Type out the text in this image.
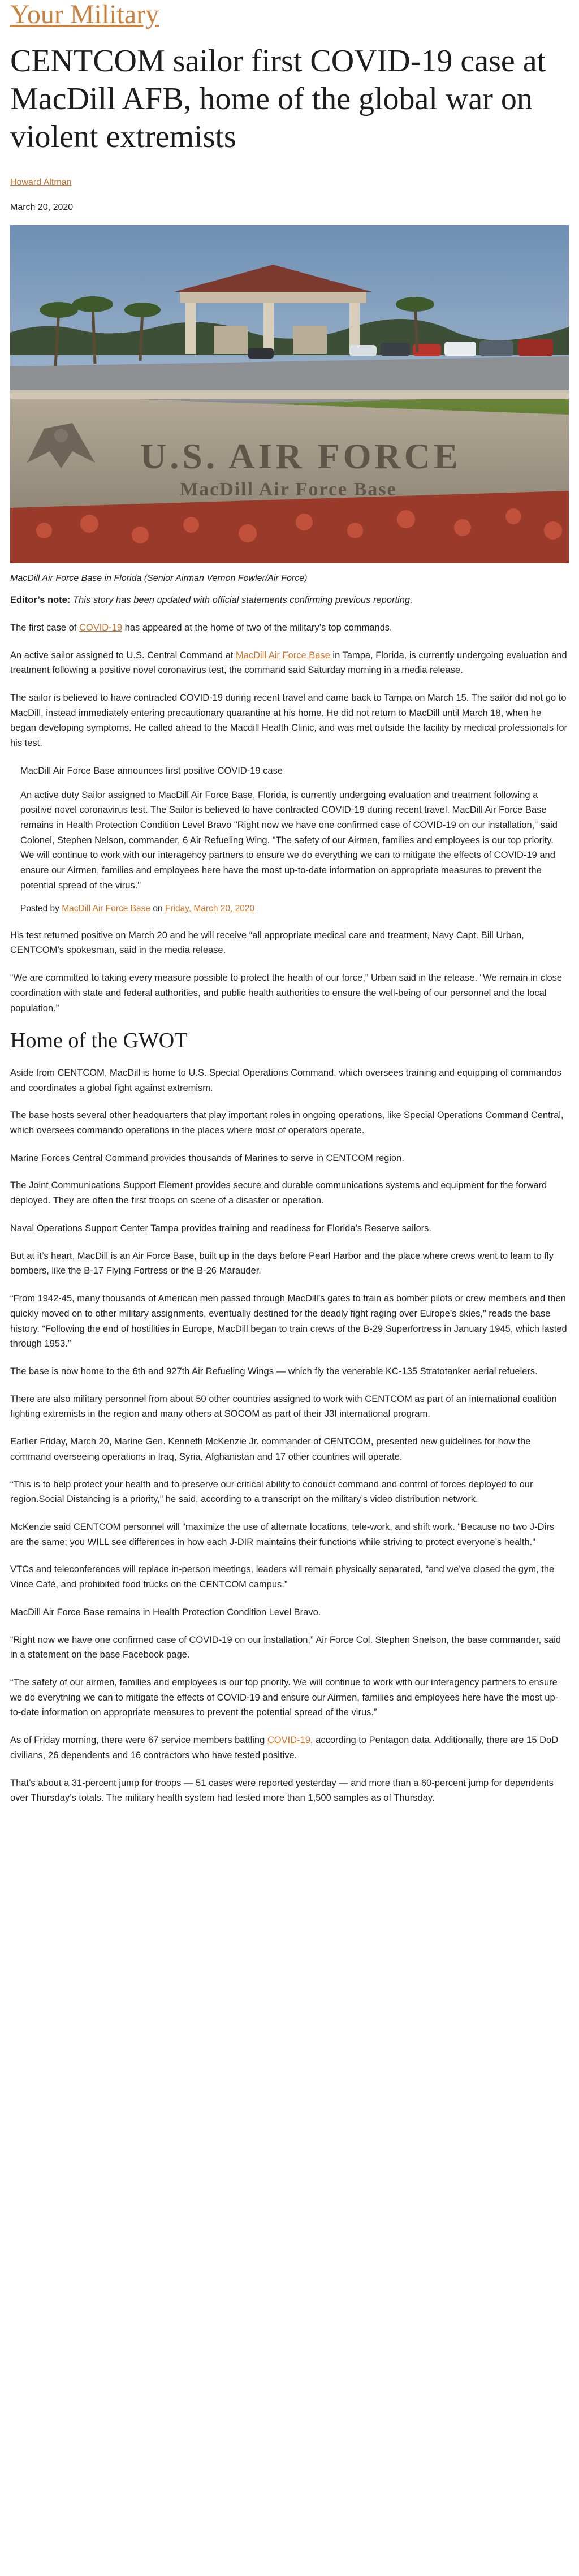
Your Military
CENTCOM sailor first COVID-19 case at MacDill AFB, home of the global war on violent extremists
Howard Altman
March 20, 2020
U.S. AIR FORCE
MacDill Air Force Base
MacDill Air Force Base in Florida (Senior Airman Vernon Fowler/Air Force)

Editor’s note: This story has been updated with official statements confirming previous reporting.

The first case of COVID-19 has appeared at the home of two of the military’s top commands.

An active sailor assigned to U.S. Central Command at MacDill Air Force Base in Tampa, Florida, is currently undergoing evaluation and treatment following a positive novel coronavirus test, the command said Saturday morning in a media release.

The sailor is believed to have contracted COVID-19 during recent travel and came back to Tampa on March 15. The sailor did not go to MacDill, instead immediately entering precautionary quarantine at his home. He did not return to MacDill until March 18, when he began developing symptoms. He called ahead to the Macdill Health Clinic, and was met outside the facility by medical professionals for his test.

MacDill Air Force Base announces first positive COVID-19 case

An active duty Sailor assigned to MacDill Air Force Base, Florida, is currently undergoing evaluation and treatment following a positive novel coronavirus test. The Sailor is believed to have contracted COVID-19 during recent travel. MacDill Air Force Base remains in Health Protection Condition Level Bravo "Right now we have one confirmed case of COVID-19 on our installation," said Colonel, Stephen Nelson, commander, 6 Air Refueling Wing. "The safety of our Airmen, families and employees is our top priority. We will continue to work with our interagency partners to ensure we do everything we can to mitigate the effects of COVID-19 and ensure our Airmen, families and employees here have the most up-to-date information on appropriate measures to prevent the potential spread of the virus."

Posted by MacDill Air Force Base on Friday, March 20, 2020

His test returned positive on March 20 and he will receive “all appropriate medical care and treatment, Navy Capt. Bill Urban, CENTCOM’s spokesman, said in the media release.

“We are committed to taking every measure possible to protect the health of our force,” Urban said in the release. “We remain in close coordination with state and federal authorities, and public health authorities to ensure the well-being of our personnel and the local population.”

Home of the GWOT

Aside from CENTCOM, MacDill is home to U.S. Special Operations Command, which oversees training and equipping of commandos and coordinates a global fight against extremism.

The base hosts several other headquarters that play important roles in ongoing operations, like Special Operations Command Central, which oversees commando operations in the places where most of operators operate.

Marine Forces Central Command provides thousands of Marines to serve in CENTCOM region.

The Joint Communications Support Element provides secure and durable communications systems and equipment for the forward deployed. They are often the first troops on scene of a disaster or operation.

Naval Operations Support Center Tampa provides training and readiness for Florida’s Reserve sailors.

But at it’s heart, MacDill is an Air Force Base, built up in the days before Pearl Harbor and the place where crews went to learn to fly bombers, like the B-17 Flying Fortress or the B-26 Marauder.

“From 1942-45, many thousands of American men passed through MacDill’s gates to train as bomber pilots or crew members and then quickly moved on to other military assignments, eventually destined for the deadly fight raging over Europe’s skies,” reads the base history. “Following the end of hostilities in Europe, MacDill began to train crews of the B-29 Superfortress in January 1945, which lasted through 1953.”

The base is now home to the 6th and 927th Air Refueling Wings — which fly the venerable KC-135 Stratotanker aerial refuelers.

There are also military personnel from about 50 other countries assigned to work with CENTCOM as part of an international coalition fighting extremists in the region and many others at SOCOM as part of their J3I international program.

Earlier Friday, March 20, Marine Gen. Kenneth McKenzie Jr. commander of CENTCOM, presented new guidelines for how the command overseeing operations in Iraq, Syria, Afghanistan and 17 other countries will operate.

“This is to help protect your health and to preserve our critical ability to conduct command and control of forces deployed to our region.Social Distancing is a priority,” he said, according to a transcript on the military’s video distribution network.

McKenzie said CENTCOM personnel will “maximize the use of alternate locations, tele-work, and shift work. “Because no two J-Dirs are the same; you WILL see differences in how each J-DIR maintains their functions while striving to protect everyone’s health.”

VTCs and teleconferences will replace in-person meetings, leaders will remain physically separated, “and we’ve closed the gym, the Vince Café, and prohibited food trucks on the CENTCOM campus.”

MacDill Air Force Base remains in Health Protection Condition Level Bravo.

“Right now we have one confirmed case of COVID-19 on our installation,” Air Force Col. Stephen Snelson, the base commander, said in a statement on the base Facebook page.

“The safety of our airmen, families and employees is our top priority. We will continue to work with our interagency partners to ensure we do everything we can to mitigate the effects of COVID-19 and ensure our Airmen, families and employees here have the most up-to-date information on appropriate measures to prevent the potential spread of the virus.”

As of Friday morning, there were 67 service members battling COVID-19, according to Pentagon data. Additionally, there are 15 DoD civilians, 26 dependents and 16 contractors who have tested positive.

That’s about a 31-percent jump for troops — 51 cases were reported yesterday — and more than a 60-percent jump for dependents over Thursday’s totals. The military health system had tested more than 1,500 samples as of Thursday.
